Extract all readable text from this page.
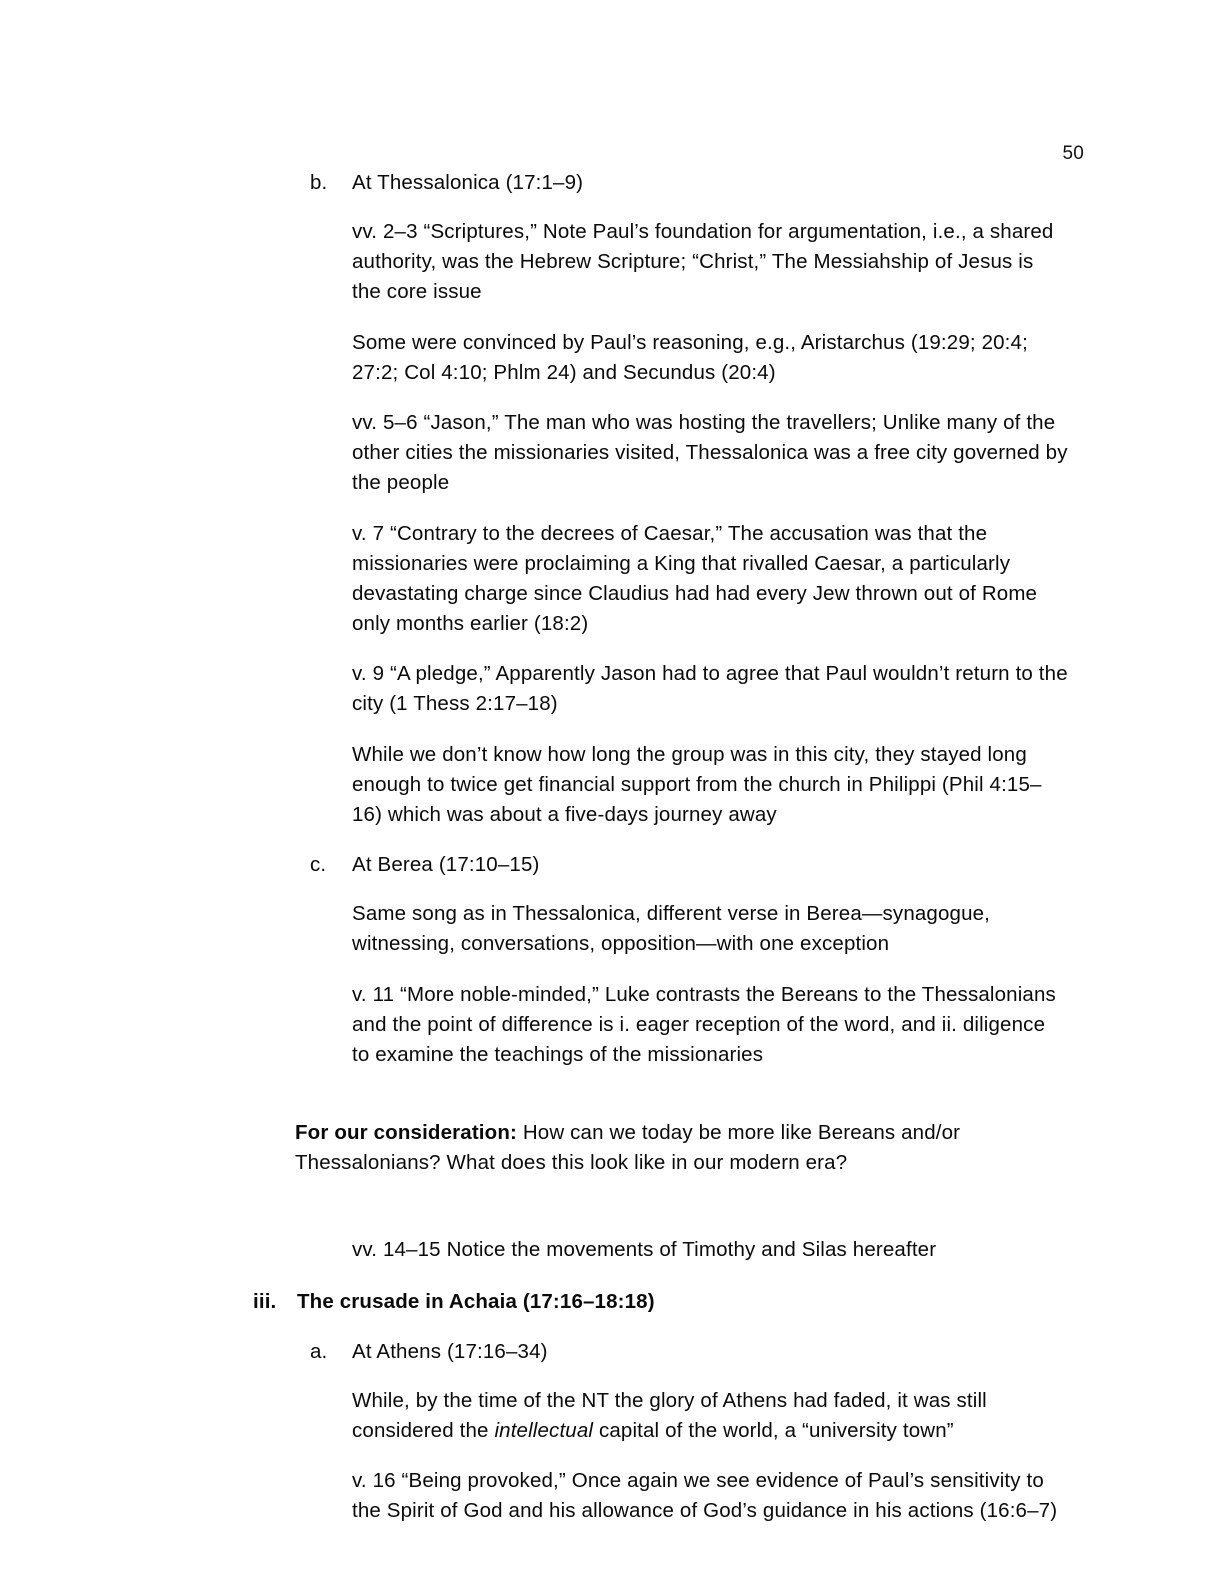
50
b.	At Thessalonica (17:1–9)

vv. 2–3 “Scriptures,” Note Paul’s foundation for argumentation, i.e., a shared authority, was the Hebrew Scripture; “Christ,” The Messiahship of Jesus is the core issue

Some were convinced by Paul’s reasoning, e.g., Aristarchus (19:29; 20:4; 27:2; Col 4:10; Phlm 24) and Secundus (20:4)

vv. 5–6 “Jason,” The man who was hosting the travellers; Unlike many of the other cities the missionaries visited, Thessalonica was a free city governed by the people

v. 7 “Contrary to the decrees of Caesar,” The accusation was that the missionaries were proclaiming a King that rivalled Caesar, a particularly devastating charge since Claudius had had every Jew thrown out of Rome only months earlier (18:2)

v. 9 “A pledge,” Apparently Jason had to agree that Paul wouldn’t return to the city (1 Thess 2:17–18)

While we don’t know how long the group was in this city, they stayed long enough to twice get financial support from the church in Philippi (Phil 4:15–16) which was about a five-days journey away

c.	At Berea (17:10–15)

Same song as in Thessalonica, different verse in Berea—synagogue, witnessing, conversations, opposition—with one exception

v. 11 “More noble-minded,” Luke contrasts the Bereans to the Thessalonians and the point of difference is i. eager reception of the word, and ii. diligence to examine the teachings of the missionaries

For our consideration: How can we today be more like Bereans and/or Thessalonians? What does this look like in our modern era?

vv. 14–15 Notice the movements of Timothy and Silas hereafter

iii.	The crusade in Achaia (17:16–18:18)
a.	At Athens (17:16–34)

While, by the time of the NT the glory of Athens had faded, it was still considered the intellectual capital of the world, a “university town”

v. 16 “Being provoked,” Once again we see evidence of Paul’s sensitivity to the Spirit of God and his allowance of God’s guidance in his actions (16:6–7)
